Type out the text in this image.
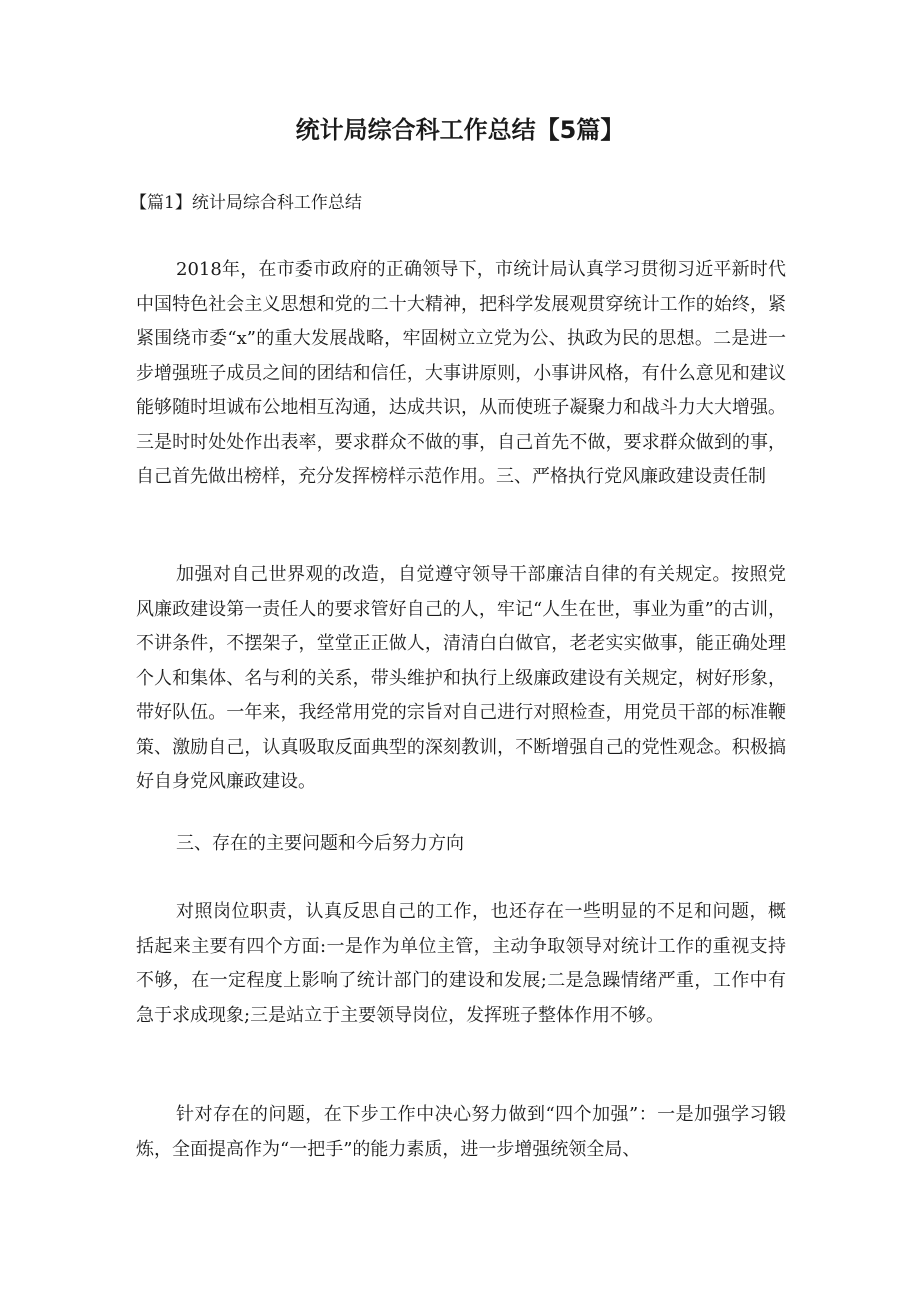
统计局综合科工作总结【5篇】
【篇1】统计局综合科工作总结

2018年，在市委市政府的正确领导下，市统计局认真学习贯彻习近平新时代中国特色社会主义思想和党的二十大精神，把科学发展观贯穿统计工作的始终，紧紧围绕市委“x”的重大发展战略，牢固树立立党为公、执政为民的思想。二是进一步增强班子成员之间的团结和信任，大事讲原则，小事讲风格，有什么意见和建议能够随时坦诚布公地相互沟通，达成共识，从而使班子凝聚力和战斗力大大增强。三是时时处处作出表率，要求群众不做的事，自己首先不做，要求群众做到的事，自己首先做出榜样，充分发挥榜样示范作用。三、严格执行党风廉政建设责任制

加强对自己世界观的改造，自觉遵守领导干部廉洁自律的有关规定。按照党风廉政建设第一责任人的要求管好自己的人，牢记“人生在世，事业为重”的古训，不讲条件，不摆架子，堂堂正正做人，清清白白做官，老老实实做事，能正确处理个人和集体、名与利的关系，带头维护和执行上级廉政建设有关规定，树好形象，带好队伍。一年来，我经常用党的宗旨对自己进行对照检查，用党员干部的标准鞭策、激励自己，认真吸取反面典型的深刻教训，不断增强自己的党性观念。积极搞好自身党风廉政建设。

三、存在的主要问题和今后努力方向

对照岗位职责，认真反思自己的工作，也还存在一些明显的不足和问题，概括起来主要有四个方面:一是作为单位主管，主动争取领导对统计工作的重视支持不够，在一定程度上影响了统计部门的建设和发展;二是急躁情绪严重，工作中有急于求成现象;三是站立于主要领导岗位，发挥班子整体作用不够。

针对存在的问题，在下步工作中决心努力做到“四个加强”：一是加强学习锻炼，全面提高作为“一把手”的能力素质，进一步增强统领全局、
